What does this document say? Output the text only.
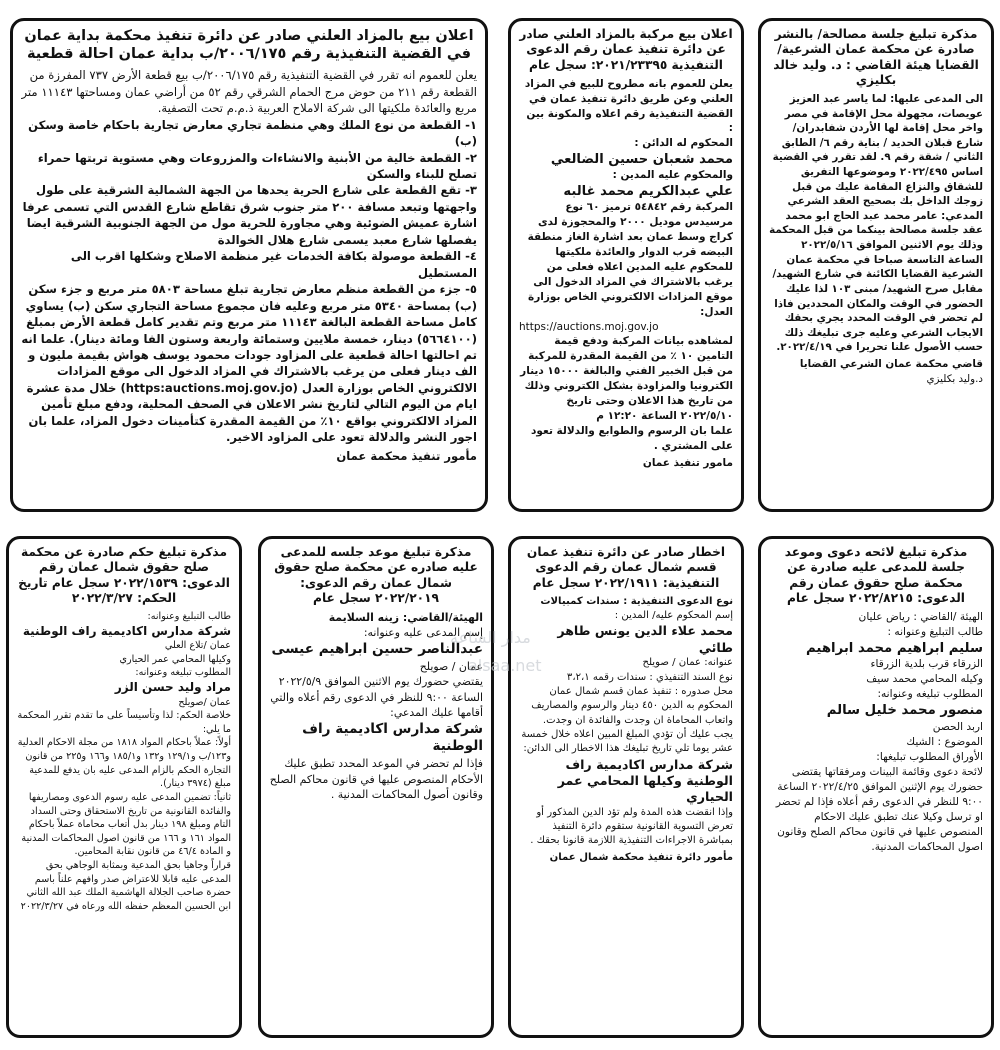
اعلان بيع بالمزاد العلني صادر عن دائرة تنفيذ محكمة بداية عمان في القضية التنفيذية رقم ٢٠٠٦/١٧٥/ب بداية عمان احالة قطعية

يعلن للعموم انه تقرر في القضية التنفيذية رقم ٢٠٠٦/١٧٥/ب بيع قطعة الأرض ٧٣٧ المفرزة من القطعة رقم ٢١١ من حوض مرج الحمام الشرقي رقم ٥٢ من أراضي عمان ومساحتها ١١١٤٣ متر مربع والعائدة ملكيتها الى شركة الاملاح العربية ذ.م.م تحت التصفية.

١- القطعة من نوع الملك وهي منظمة تجاري معارض تجارية باحكام خاصة وسكن (ب)

٢- القطعة خالية من الأبنية والانشاءات والمزروعات وهي مستوية تربتها حمراء تصلح للبناء والسكن

٣- تقع القطعة على شارع الحرية يحدها من الجهة الشمالية الشرقية على طول واجهتها وتبعد مسافة ٢٠٠ متر جنوب شرق تقاطع شارع القدس التي تسمى عرفا اشارة عميش الضوئية وهي مجاورة للحرية مول من الجهة الجنوبية الشرقية ايضا يفصلها شارع معبد يسمى شارع هلال الخوالدة

٤- القطعة موصولة بكافة الخدمات غير منظمة الاصلاح وشكلها اقرب الى المستطيل

٥- جزء من القطعة منظم معارض تجارية تبلغ مساحة ٥٨٠٣ متر مربع و جزء سكن (ب) بمساحة ٥٣٤٠ متر مربع وعليه فان مجموع مساحة التجاري سكن (ب) يساوي كامل مساحة القطعة البالغة ١١١٤٣ متر مربع وتم تقدير كامل قطعة الأرض بمبلغ (٥٦٦٤١٠٠) دينار، خمسة ملايين وستمائة واربعة وستون الفا ومائة دينار). علما انه تم احالتها احالة قطعية على المزاود جودات محمود يوسف هواش بقيمة مليون و الف دينار فعلى من يرغب بالاشتراك في المزاد الدخول الى موقع المزادات الالكتروني الخاص بوزارة العدل (https:auctions.moj.gov.jo) خلال مدة عشرة ايام من اليوم التالي لتاريخ نشر الاعلان في الصحف المحلية، ودفع مبلغ تأمين المزاد الالكتروني بواقع ١٠٪ من القيمة المقدرة كتأمينات دخول المزاد، علما بان اجور النشر والدلالة تعود على المزاود الاخير.

مأمور تنفيذ محكمة عمان
اعلان بيع مركبة بالمزاد العلني صادر عن دائرة تنفيذ عمان رقم الدعوى التنفيذية ٢٠٢١/٢٣٣٩٥: سجل عام

يعلن للعموم بانه مطروح للبيع في المزاد العلني وعن طريق دائرة تنفيذ عمان في القضية التنفيذية رقم اعلاه والمكونة بين :

المحكوم له الدائن :

محمد شعبان حسين الضالعي

والمحكوم عليه المدين :

علي عبدالكريم محمد غالبه

المركبة رقم ٥٤٨٤٢ ترميز ٦٠ نوع مرسيدس موديل ٢٠٠٠ والمحجوزة لدى كراج وسط عمان بعد اشارة الغاز منطقة البيضه قرب الدوار والعائدة ملكيتها للمحكوم عليه المدين اعلاه فعلى من يرغب بالاشتراك في المزاد الدخول الى موقع المزادات الالكتروني الخاص بوزارة العدل:

https://auctions.moj.gov.jo

لمشاهده بيانات المركبة ودفع قيمة التامين ١٠ ٪ من القيمة المقدرة للمركبة من قبل الخبير الفني والبالغة ١٥٠٠٠ دينار الكترونيا والمزاودة بشكل الكتروني وذلك من تاريخ هذا الاعلان وحتى تاريخ ٢٠٢٢/٥/١٠ الساعة ١٢:٢٠ م

علما بان الرسوم والطوابع والدلالة تعود على المشتري .

مامور تنفيذ عمان
مذكرة تبليغ جلسة مصالحة/ بالنشر صادرة عن محكمة عمان الشرعية/ القضايا هيئة القاضي : د. وليد خالد بكليزي

الى المدعى عليها: لما ياسر عبد العزيز عويصات، مجهولة محل الإقامة في مصر واخر محل إقامة لها الأردن شفابدران/ شارع قبلان الحديد / بناية رقم ٦/ الطابق الثاني / شقة رقم ٩. لقد تقرر في القضية اساس ٢٠٢٢/٤٩٥ وموضوعها التفريق للشقاق والنزاع المقامة عليك من قبل زوجك الداخل بك بصحيح العقد الشرعي المدعي: عامر محمد عبد الحاج ابو محمد عقد جلسة مصالحة بينكما من قبل المحكمة وذلك يوم الاثنين الموافق ٢٠٢٢/٥/١٦ الساعة التاسعة صباحا في محكمة عمان الشرعية القضايا الكائنة في شارع الشهيد/ مقابل صرح الشهيد/ مبنى ١٠٣ لذا عليك الحضور في الوقت والمكان المحددين فاذا لم تحضر في الوقت المحدد يجري بحقك الايجاب الشرعي وعليه جرى تبليغك ذلك حسب الأصول علنا تحريرا في ٢٠٢٢/٤/١٩.

قاضي محكمة عمان الشرعي القضايا
د.وليد بكليزي
مذكرة تبليغ حكم صادرة عن محكمة صلح حقوق شمال عمان رقم الدعوى: ٢٠٢٢/١٥٣٩ سجل عام تاريخ الحكم: ٢٠٢٢/٣/٢٧

طالب التبليغ وعنوانه:

شركة مدارس اكاديمية راف الوطنية

عمان /تلاع العلي

وكيلها المحامي عمر الحياري

المطلوب تبليغه وعنوانه:

مراد وليد حسن الزر

عمان /صويلح

خلاصة الحكم: لذا وتأسيساً على ما تقدم تقرر المحكمة ما يلي:

أولاً: عملاً باحكام المواد ١٨١٨ من مجلة الاحكام العدلية و١٢٣/ب و١٢٩/١ و١٣٢ و١٨٥/١ و١٦٦ و٢٢٥ من قانون التجارة الحكم بالزام المدعى عليه بان يدفع للمدعية مبلغ (٣٩٧٤ دينار).

ثانياً: تضمين المدعى عليه رسوم الدعوى ومصاريفها والفائدة القانونية من تاريخ الاستحقاق وحتى السداد التام ومبلغ ١٩٨ دينار بدل أتعاب محاماة عملاً باحكام المواد ١٦١ و ١٦٦ من قانون اصول المحاكمات المدنية و المادة ٤٦/٤ من قانون نقابة المحامين.

قراراً وجاهيا بحق المدعية وبمثابة الوجاهي بحق المدعى عليه قابلا للاعتراض صدر وافهم علناً باسم حضرة صاحب الجلالة الهاشمية الملك عبد الله الثاني ابن الحسين المعظم حفظه الله ورعاه في ٢٠٢٢/٣/٢٧

مذكرة تبليغ موعد جلسه للمدعى عليه صادره عن محكمة صلح حقوق شمال عمان رقم الدعوى: ٢٠٢٢/٢٠١٩ سجل عام

الهيئة/القاضي: زينه السلايمة

إسم المدعى عليه وعنوانه:

عبدالناصر حسين ابراهيم عيسى

عمان / صويلح

يقتضي حضورك يوم الاثنين الموافق ٢٠٢٢/٥/٩ الساعة ٩:٠٠ للنظر في الدعوى رقم أعلاه والتي أقامها عليك المدعي:

شركة مدارس اكاديمية راف الوطنية

فإذا لم تحضر في الموعد المحدد تطبق عليك الأحكام المنصوص عليها في قانون محاكم الصلح وقانون أصول المحاكمات المدنية .

اخطار صادر عن دائرة تنفيذ عمان قسم شمال عمان رقم الدعوى التنفيذية: ٢٠٢٢/١٩١١ سجل عام

نوع الدعوى التنفيذية : سندات كمبيالات

إسم المحكوم عليه/ المدين :

محمد علاء الدين يونس طاهر طائي

عنوانه: عمان / صويلح

نوع السند التنفيذي : سندات رقمه ٣،٢،١

محل صدوره : تنفيذ عمان قسم شمال عمان

المحكوم به الدين ٤٥٠ دينار والرسوم والمصاريف واتعاب المحاماة ان وجدت والفائدة ان وجدت.

يجب عليك أن تؤدي المبلغ المبين اعلاه خلال خمسة عشر يوما تلي تاريخ تبليغك هذا الاخطار الى الدائن:

شركة مدارس اكاديمية راف الوطنية وكيلها المحامي عمر الحياري

وإذا انقضت هذه المدة ولم تؤد الدين المذكور أو تعرض التسوية القانونية ستقوم دائرة التنفيذ بمباشرة الاجراءات التنفيذية اللازمة قانونا بحقك .

مأمور دائرة تنفيذ محكمة شمال عمان
مذكرة تبليغ لائحه دعوى وموعد جلسة للمدعى عليه صادرة عن محكمة صلح حقوق عمان رقم الدعوى: ٢٠٢٢/٨٢١٥ سجل عام

الهيئة /القاضي : رياض عليان

طالب التبليغ وعنوانه :

سليم ابراهيم محمد ابراهيم

الزرقاء قرب بلدية الزرقاء

وكيله المحامي محمد سيف

المطلوب تبليغه وعنوانه:

منصور محمد خليل سالم

اربد الحصن

الموضوع : الشيك

الأوراق المطلوب تبليغها:

لائحة دعوى وقائمة البينات ومرفقاتها يقتضى حضورك يوم الإثنين الموافق ٢٠٢٢/٤/٢٥ الساعة ٩:٠٠ للنظر في الدعوى رقم أعلاه فإذا لم تحضر او ترسل وكيلا عنك تطبق عليك الاحكام المنصوص عليها في قانون محاكم الصلح وقانون اصول المحاكمات المدنية.

مدار الساعة
alsaa.net
